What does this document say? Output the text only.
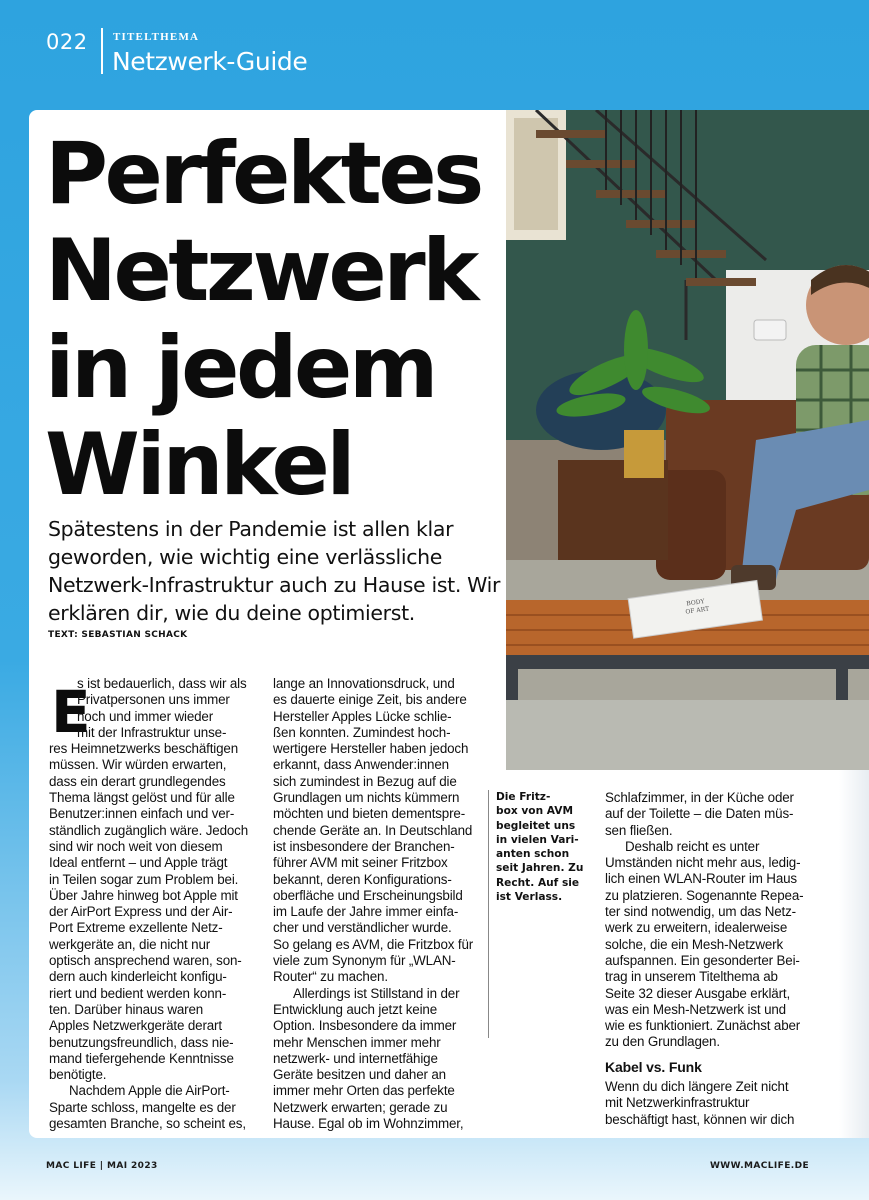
022 TITELTHEMA
Netzwerk-Guide
BODY
OF ART
Perfektes
Netzwerk
in jedem
Winkel

Spätestens in der Pandemie ist allen klar geworden, wie wichtig eine verlässliche Netzwerk-Infrastruktur auch zu Hause ist. Wir erklären dir, wie du deine optimierst.

TEXT: SEBASTIAN SCHACK
E
s ist bedauerlich, dass wir als
Privatpersonen uns immer
noch und immer wieder
mit der Infrastruktur unse-
res Heimnetzwerks beschäftigen
müssen. Wir würden erwarten,
dass ein derart grundlegendes
Thema längst gelöst und für alle
Benutzer:innen einfach und ver-
ständlich zugänglich wäre. Jedoch
sind wir noch weit von diesem
Ideal entfernt – und Apple trägt
in Teilen sogar zum Problem bei.
Über Jahre hinweg bot Apple mit
der AirPort Express und der Air-
Port Extreme exzellente Netz-
werkgeräte an, die nicht nur
optisch ansprechend waren, son-
dern auch kinderleicht konfigu-
riert und bedient werden konn-
ten. Darüber hinaus waren
Apples Netzwerkgeräte derart
benutzungsfreundlich, dass nie-
mand tiefergehende Kenntnisse
benötigte.
Nachdem Apple die AirPort-
Sparte schloss, mangelte es der
gesamten Branche, so scheint es,
lange an Innovationsdruck, und
es dauerte einige Zeit, bis andere
Hersteller Apples Lücke schlie-
ßen konnten. Zumindest hoch-
wertigere Hersteller haben jedoch
erkannt, dass Anwender:innen
sich zumindest in Bezug auf die
Grundlagen um nichts kümmern
möchten und bieten dementspre-
chende Geräte an. In Deutschland
ist insbesondere der Branchen-
führer AVM mit seiner Fritzbox
bekannt, deren Konfigurations-
oberfläche und Erscheinungsbild
im Laufe der Jahre immer einfa-
cher und verständlicher wurde.
So gelang es AVM, die Fritzbox für
viele zum Synonym für „WLAN-
Router“ zu machen.
Allerdings ist Stillstand in der
Entwicklung auch jetzt keine
Option. Insbesondere da immer
mehr Menschen immer mehr
netzwerk- und internetfähige
Geräte besitzen und daher an
immer mehr Orten das perfekte
Netzwerk erwarten; gerade zu
Hause. Egal ob im Wohnzimmer,
Die Fritz-
box von AVM
begleitet uns
in vielen Vari-
anten schon
seit Jahren. Zu
Recht. Auf sie
ist Verlass.
Schlafzimmer, in der Küche oder
auf der Toilette – die Daten müs-
sen fließen.
Deshalb reicht es unter
Umständen nicht mehr aus, ledig-
lich einen WLAN-Router im Haus
zu platzieren. Sogenannte Repea-
ter sind notwendig, um das Netz-
werk zu erweitern, idealerweise
solche, die ein Mesh-Netzwerk
aufspannen. Ein gesonderter Bei-
trag in unserem Titelthema ab
Seite 32 dieser Ausgabe erklärt,
was ein Mesh-Netzwerk ist und
wie es funktioniert. Zunächst aber
zu den Grundlagen.
Kabel vs. Funk
Wenn du dich längere Zeit nicht
mit Netzwerkinfrastruktur
beschäftigt hast, können wir dich
MAC LIFE | MAI 2023	WWW.MACLIFE.DE
